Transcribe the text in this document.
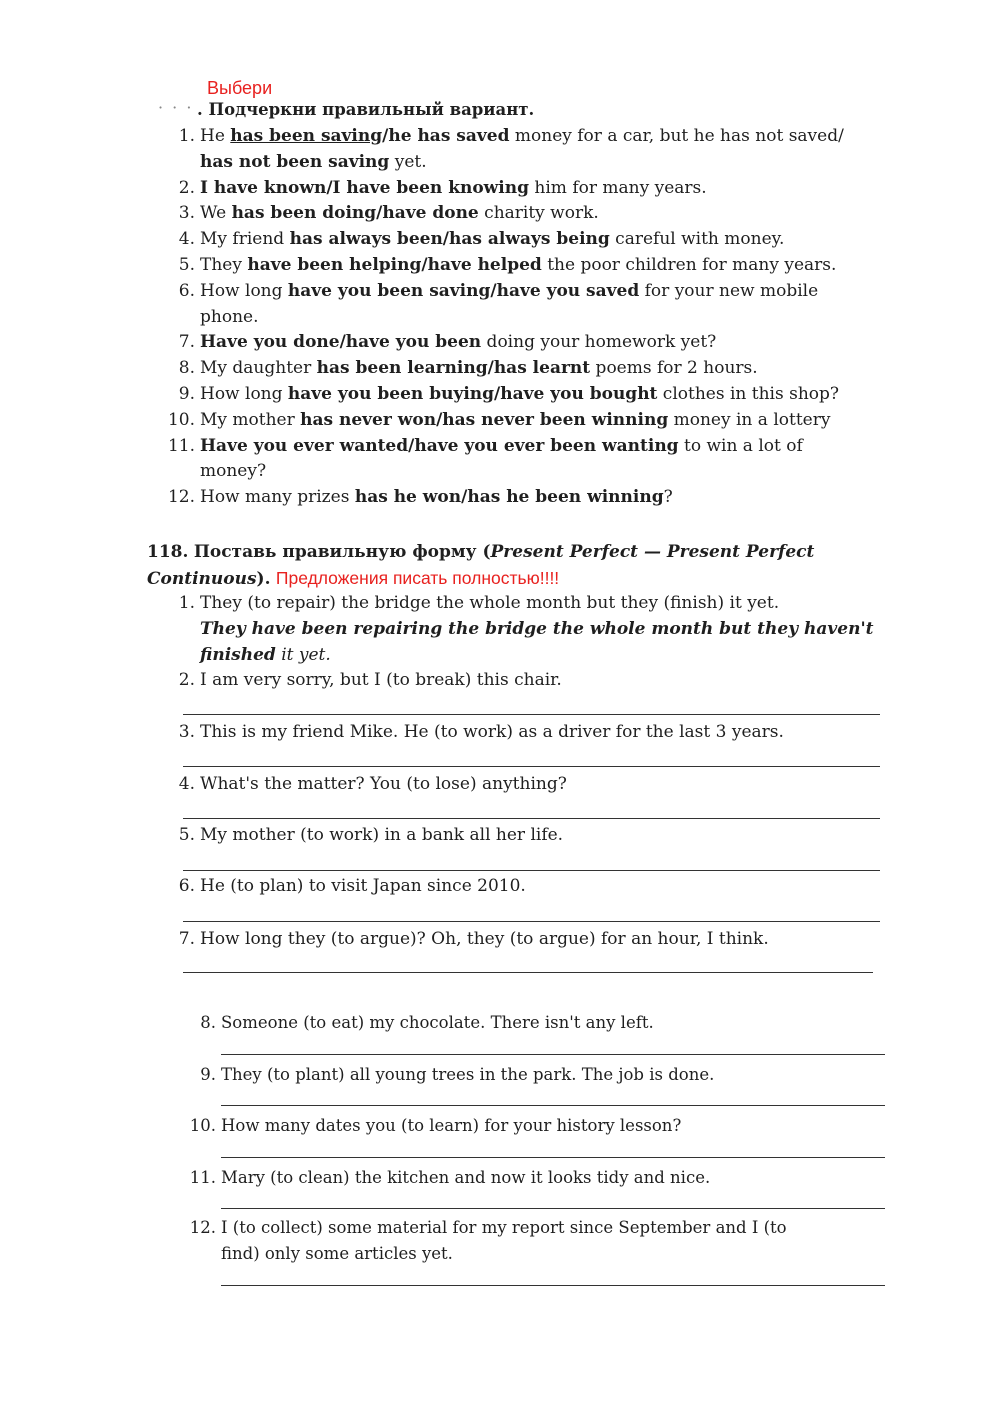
Выбери
· · · . Подчеркни правильный вариант.
1. He has been saving/he has saved money for a car, but he has not saved/
has not been saving yet.
2. I have known/I have been knowing him for many years.
3. We has been doing/have done charity work.
4. My friend has always been/has always being careful with money.
5. They have been helping/have helped the poor children for many years.
6. How long have you been saving/have you saved for your new mobile
phone.
7. Have you done/have you been doing your homework yet?
8. My daughter has been learning/has learnt poems for 2 hours.
9. How long have you been buying/have you bought clothes in this shop?
10. My mother has never won/has never been winning money in a lottery
11. Have you ever wanted/have you ever been wanting to win a lot of
money?
12. How many prizes has he won/has he been winning?
118. Поставь правильную форму (Present Perfect — Present Perfect Continuous). Предложения писать полностью!!!!
1. They (to repair) the bridge the whole month but they (finish) it yet.
They have been repairing the bridge the whole month but they haven't finished it yet.
2. I am very sorry, but I (to break) this chair.
3. This is my friend Mike. He (to work) as a driver for the last 3 years.
4. What's the matter? You (to lose) anything?
5. My mother (to work) in a bank all her life.
6. He (to plan) to visit Japan since 2010.
7. How long they (to argue)? Oh, they (to argue) for an hour, I think.
8. Someone (to eat) my chocolate. There isn't any left.
9. They (to plant) all young trees in the park. The job is done.
10. How many dates you (to learn) for your history lesson?
11. Mary (to clean) the kitchen and now it looks tidy and nice.
12. I (to collect) some material for my report since September and I (to
find) only some articles yet.
